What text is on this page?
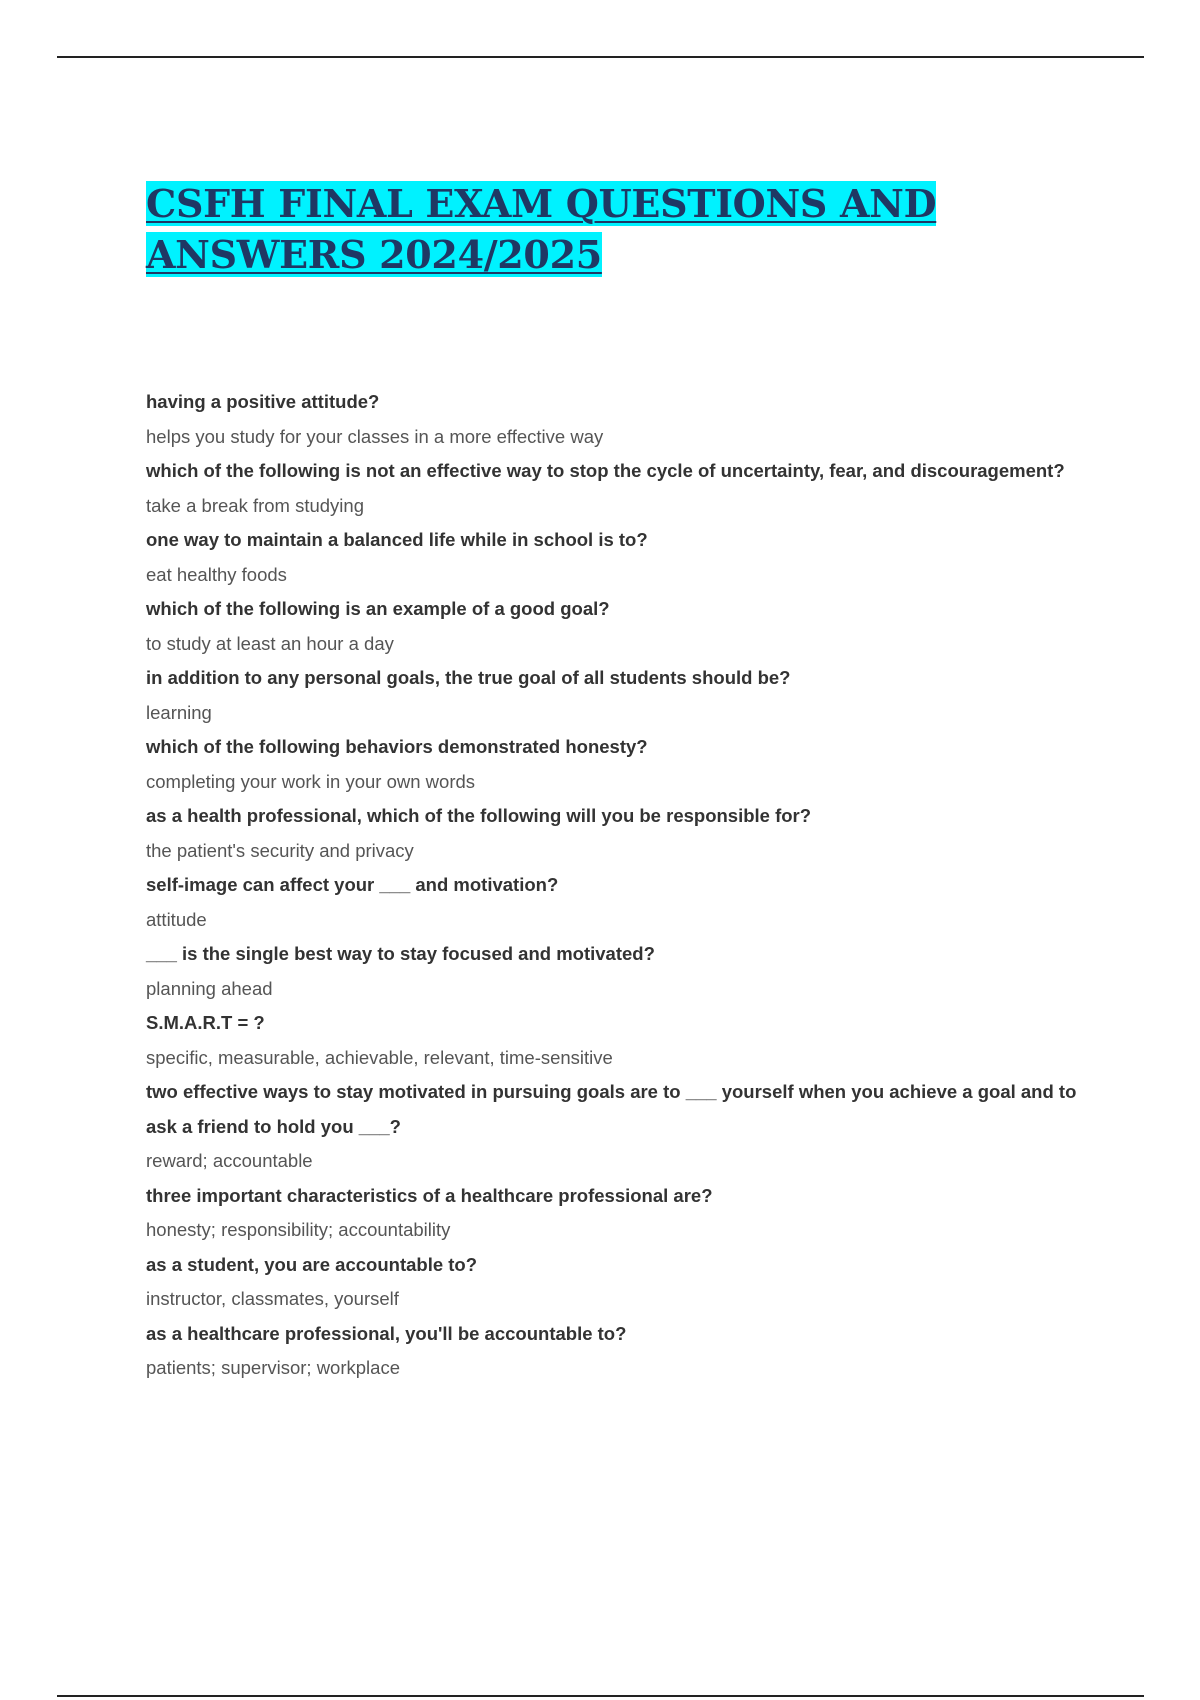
CSFH FINAL EXAM QUESTIONS AND ANSWERS 2024/2025
having a positive attitude?
helps you study for your classes in a more effective way
which of the following is not an effective way to stop the cycle of uncertainty, fear, and discouragement?
take a break from studying
one way to maintain a balanced life while in school is to?
eat healthy foods
which of the following is an example of a good goal?
to study at least an hour a day
in addition to any personal goals, the true goal of all students should be?
learning
which of the following behaviors demonstrated honesty?
completing your work in your own words
as a health professional, which of the following will you be responsible for?
the patient's security and privacy
self-image can affect your ___ and motivation?
attitude
___ is the single best way to stay focused and motivated?
planning ahead
S.M.A.R.T = ?
specific, measurable, achievable, relevant, time-sensitive
two effective ways to stay motivated in pursuing goals are to ___ yourself when you achieve a goal and to ask a friend to hold you ___?
reward; accountable
three important characteristics of a healthcare professional are?
honesty; responsibility; accountability
as a student, you are accountable to?
instructor, classmates, yourself
as a healthcare professional, you'll be accountable to?
patients; supervisor; workplace
